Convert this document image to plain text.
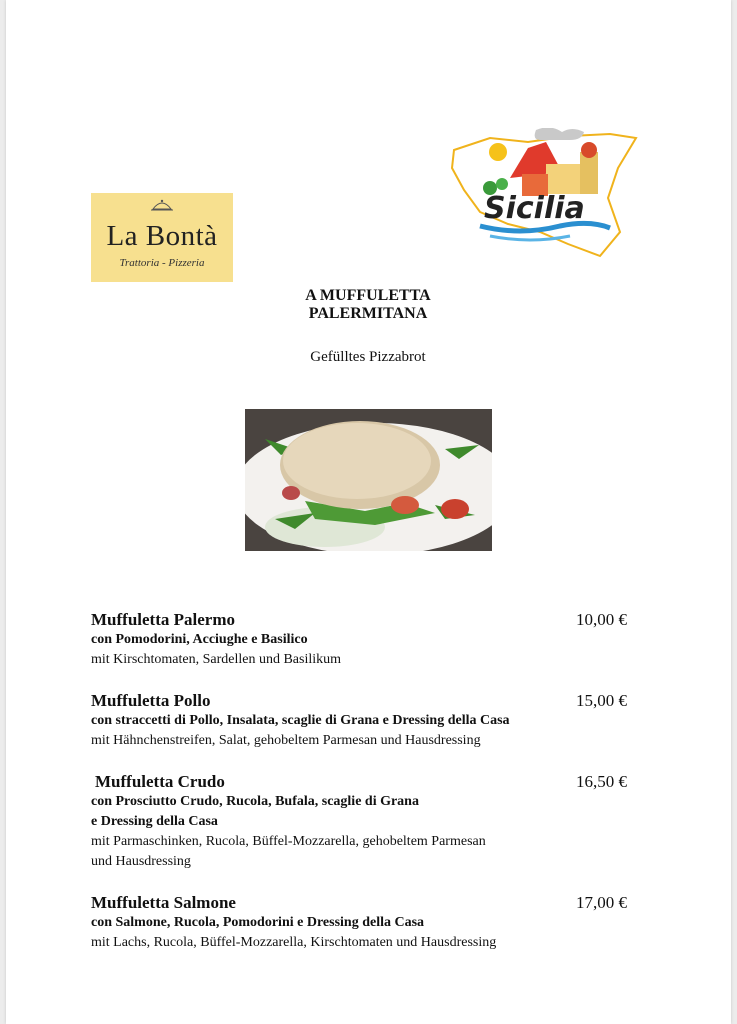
La Bontà
Trattoria - Pizzeria
Sicilia
A MUFFULETTA
PALERMITANA
Gefülltes Pizzabrot
Muffuletta Palermo	10,00 €
con Pomodorini, Acciughe e Basilico
mit Kirschtomaten, Sardellen und Basilikum
Muffuletta Pollo	15,00 €
con straccetti di Pollo, Insalata, scaglie di Grana e Dressing della Casa
mit Hähnchenstreifen, Salat, gehobeltem Parmesan und Hausdressing
Muffuletta Crudo	16,50 €
con Prosciutto Crudo, Rucola, Bufala, scaglie di Grana
e Dressing della Casa
mit Parmaschinken, Rucola, Büffel-Mozzarella, gehobeltem Parmesan
und Hausdressing
Muffuletta Salmone	17,00 €
con Salmone, Rucola, Pomodorini e Dressing della Casa
mit Lachs, Rucola, Büffel-Mozzarella, Kirschtomaten und Hausdressing
